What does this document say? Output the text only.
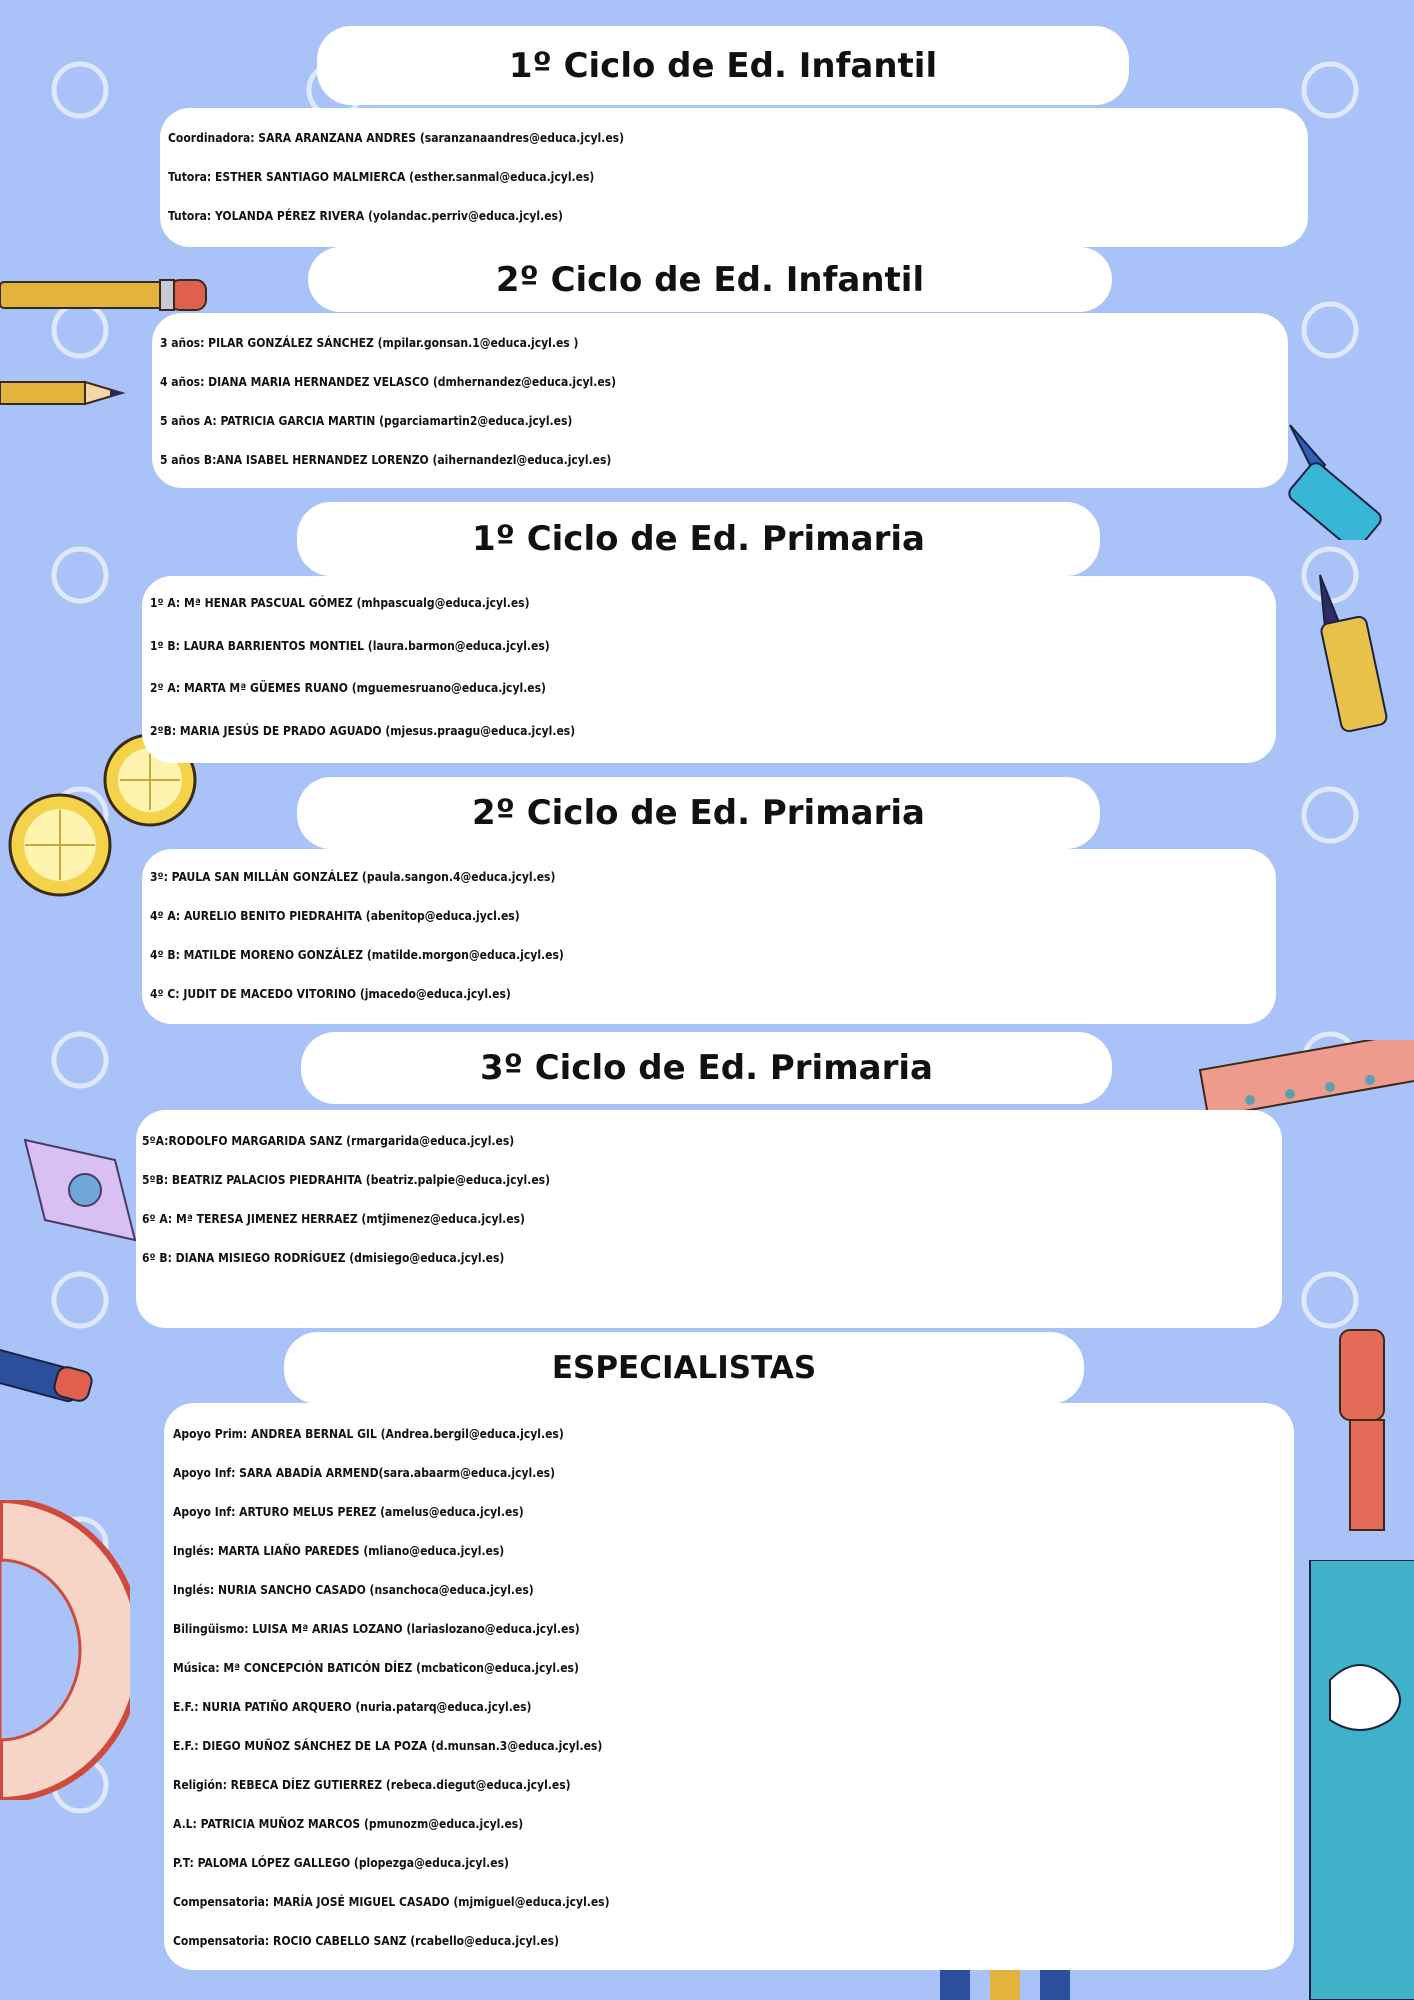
1º Ciclo de Ed. Infantil
Coordinadora: SARA ARANZANA ANDRES (saranzanaandres@educa.jcyl.es)
Tutora: ESTHER SANTIAGO MALMIERCA (esther.sanmal@educa.jcyl.es)
Tutora: YOLANDA PÉREZ RIVERA (yolandac.perriv@educa.jcyl.es)
2º Ciclo de Ed. Infantil
3 años: PILAR GONZÁLEZ SÁNCHEZ (mpilar.gonsan.1@educa.jcyl.es )
4 años: DIANA MARIA HERNANDEZ VELASCO (dmhernandez@educa.jcyl.es)
5 años A: PATRICIA GARCIA MARTIN (pgarciamartin2@educa.jcyl.es)
5 años B:ANA ISABEL HERNANDEZ LORENZO (aihernandezl@educa.jcyl.es)
1º Ciclo de Ed. Primaria
1º A: Mª HENAR PASCUAL GÓMEZ (mhpascualg@educa.jcyl.es)
1º B: LAURA BARRIENTOS MONTIEL (laura.barmon@educa.jcyl.es)
2º A: MARTA Mª GÜEMES RUANO (mguemesruano@educa.jcyl.es)
2ºB: MARIA JESÚS DE PRADO AGUADO (mjesus.praagu@educa.jcyl.es)
2º Ciclo de Ed. Primaria
3º: PAULA SAN MILLÁN GONZÁLEZ (paula.sangon.4@educa.jcyl.es)
4º A: AURELIO BENITO PIEDRAHITA (abenitop@educa.jycl.es)
4º B: MATILDE MORENO GONZÁLEZ (matilde.morgon@educa.jcyl.es)
4º C: JUDIT DE MACEDO VITORINO (jmacedo@educa.jcyl.es)
3º Ciclo de Ed. Primaria
5ºA:RODOLFO MARGARIDA SANZ (rmargarida@educa.jcyl.es)
5ºB: BEATRIZ PALACIOS PIEDRAHITA (beatriz.palpie@educa.jcyl.es)
6º A: Mª TERESA JIMENEZ HERRAEZ (mtjimenez@educa.jcyl.es)
6º B: DIANA MISIEGO RODRÍGUEZ (dmisiego@educa.jcyl.es)
ESPECIALISTAS
Apoyo Prim: ANDREA BERNAL GIL (Andrea.bergil@educa.jcyl.es)
Apoyo Inf: SARA ABADÍA ARMEND(sara.abaarm@educa.jcyl.es)
Apoyo Inf: ARTURO MELUS PEREZ (amelus@educa.jcyl.es)
Inglés: MARTA LIAÑO PAREDES (mliano@educa.jcyl.es)
Inglés: NURIA SANCHO CASADO (nsanchoca@educa.jcyl.es)
Bilingüismo: LUISA Mª ARIAS LOZANO (lariaslozano@educa.jcyl.es)
Música: Mª CONCEPCIÓN BATICÓN DÍEZ (mcbaticon@educa.jcyl.es)
E.F.: NURIA PATIÑO ARQUERO (nuria.patarq@educa.jcyl.es)
E.F.: DIEGO MUÑOZ SÁNCHEZ DE LA POZA (d.munsan.3@educa.jcyl.es)
Religión: REBECA DÍEZ GUTIERREZ (rebeca.diegut@educa.jcyl.es)
A.L: PATRICIA MUÑOZ MARCOS (pmunozm@educa.jcyl.es)
P.T: PALOMA LÓPEZ GALLEGO (plopezga@educa.jcyl.es)
Compensatoria: MARÍA JOSÉ MIGUEL CASADO (mjmiguel@educa.jcyl.es)
Compensatoria: ROCIO CABELLO SANZ (rcabello@educa.jcyl.es)
